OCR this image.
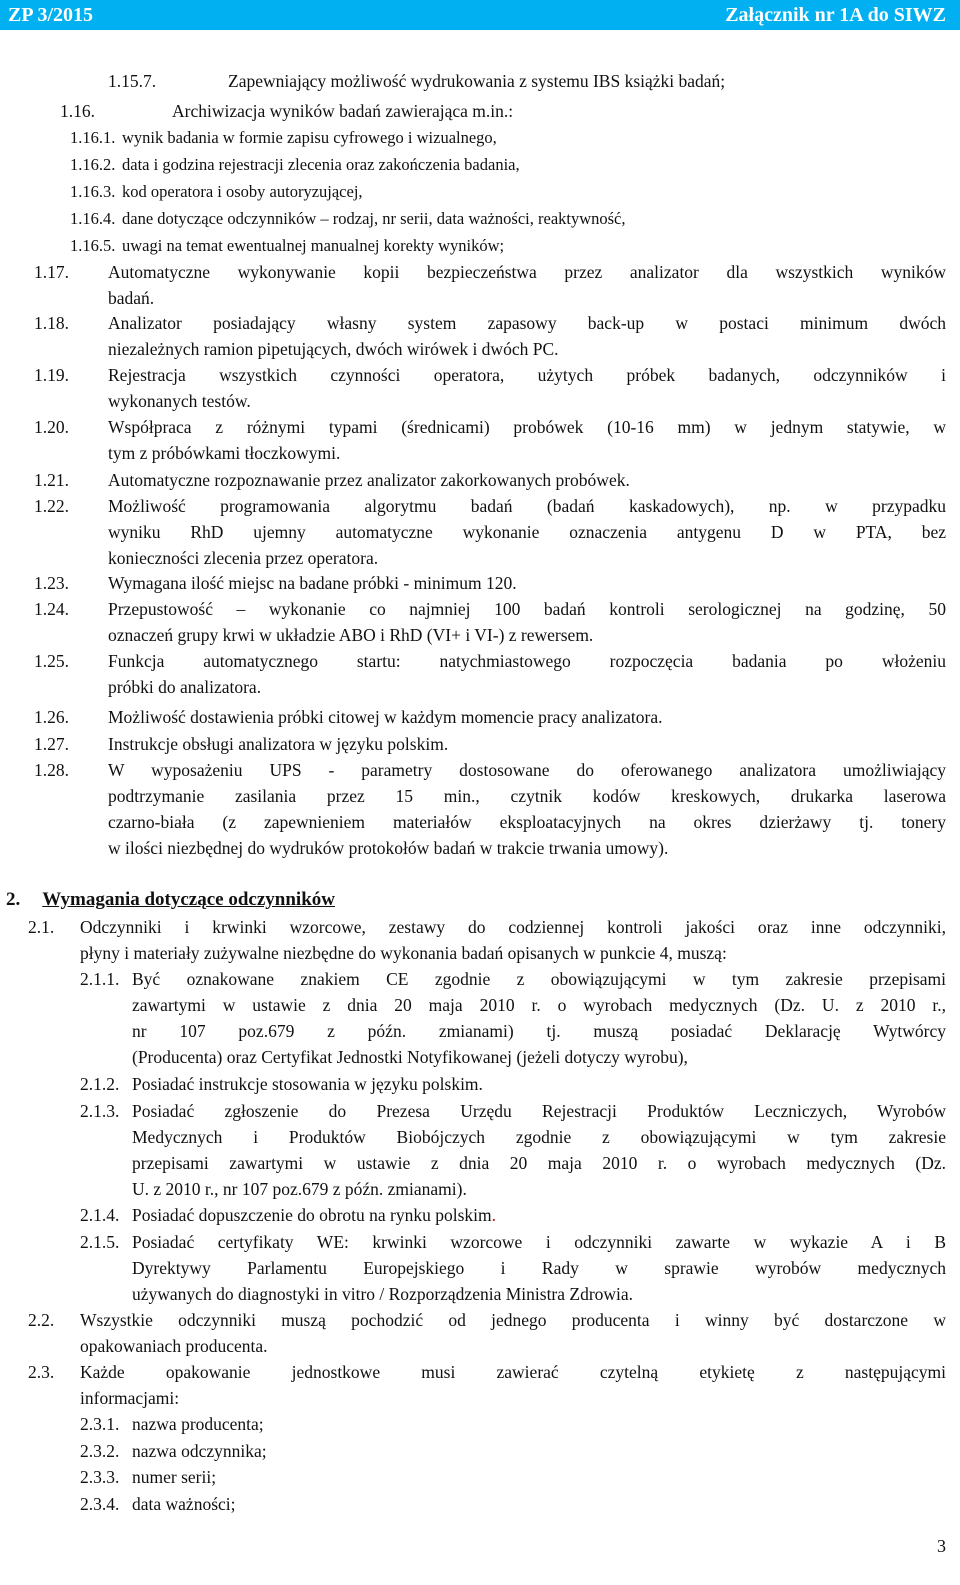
ZP 3/2015	Załącznik nr 1A do SIWZ
1.15.7.	Zapewniający możliwość wydrukowania z systemu IBS książki badań;
1.16.	Archiwizacja wyników badań zawierająca m.in.:
1.16.1. wynik badania w formie zapisu cyfrowego i wizualnego,
1.16.2. data i godzina rejestracji zlecenia oraz zakończenia badania,
1.16.3. kod operatora i osoby autoryzującej,
1.16.4. dane dotyczące odczynników – rodzaj, nr serii, data ważności, reaktywność,
1.16.5. uwagi na temat ewentualnej manualnej korekty wyników;
1.17. Automatyczne wykonywanie kopii bezpieczeństwa przez analizator dla wszystkich wyników
badań.
1.18. Analizator posiadający własny system zapasowy back-up w postaci minimum dwóch
niezależnych ramion pipetujących, dwóch wirówek i dwóch PC.
1.19. Rejestracja wszystkich czynności operatora, użytych próbek badanych, odczynników i
wykonanych testów.
1.20. Współpraca z różnymi typami (średnicami) probówek (10-16 mm) w jednym statywie, w
tym z próbówkami tłoczkowymi.
1.21. Automatyczne rozpoznawanie przez analizator zakorkowanych probówek.
1.22. Możliwość programowania algorytmu badań (badań kaskadowych), np. w przypadku
wyniku RhD ujemny automatyczne wykonanie oznaczenia antygenu D w PTA, bez
konieczności zlecenia przez operatora.
1.23. Wymagana ilość miejsc na badane próbki - minimum 120.
1.24. Przepustowość – wykonanie co najmniej 100 badań kontroli serologicznej na godzinę, 50
oznaczeń grupy krwi w układzie ABO i RhD (VI+ i VI-) z rewersem.
1.25. Funkcja automatycznego startu: natychmiastowego rozpoczęcia badania po włożeniu
próbki do analizatora.
1.26. Możliwość dostawienia próbki citowej w każdym momencie pracy analizatora.
1.27. Instrukcje obsługi analizatora w języku polskim.
1.28. W wyposażeniu UPS - parametry dostosowane do oferowanego analizatora umożliwiający
podtrzymanie zasilania przez 15 min., czytnik kodów kreskowych, drukarka laserowa
czarno-biała (z zapewnieniem materiałów eksploatacyjnych na okres dzierżawy tj. tonery
w ilości niezbędnej do wydruków protokołów badań w trakcie trwania umowy).
2. Wymagania dotyczące odczynników
2.1. Odczynniki i krwinki wzorcowe, zestawy do codziennej kontroli jakości oraz inne odczynniki,
płyny i materiały zużywalne niezbędne do wykonania badań opisanych w punkcie 4, muszą:
2.1.1. Być oznakowane znakiem CE zgodnie z obowiązującymi w tym zakresie przepisami
zawartymi w ustawie z dnia 20 maja 2010 r. o wyrobach medycznych (Dz. U. z 2010 r.,
nr 107 poz.679 z późn. zmianami) tj. muszą posiadać Deklarację Wytwórcy
(Producenta) oraz Certyfikat Jednostki Notyfikowanej (jeżeli dotyczy wyrobu),
2.1.2. Posiadać instrukcje stosowania w języku polskim.
2.1.3. Posiadać zgłoszenie do Prezesa Urzędu Rejestracji Produktów Leczniczych, Wyrobów
Medycznych i Produktów Biobójczych zgodnie z obowiązującymi w tym zakresie
przepisami zawartymi w ustawie z dnia 20 maja 2010 r. o wyrobach medycznych (Dz.
U. z 2010 r., nr 107 poz.679 z późn. zmianami).
2.1.4. Posiadać dopuszczenie do obrotu na rynku polskim.
2.1.5. Posiadać certyfikaty WE: krwinki wzorcowe i odczynniki zawarte w wykazie A i B
Dyrektywy Parlamentu Europejskiego i Rady w sprawie wyrobów medycznych
używanych do diagnostyki in vitro / Rozporządzenia Ministra Zdrowia.
2.2. Wszystkie odczynniki muszą pochodzić od jednego producenta i winny być dostarczone w
opakowaniach producenta.
2.3. Każde opakowanie jednostkowe musi zawierać czytelną etykietę z następującymi
informacjami:
2.3.1. nazwa producenta;
2.3.2. nazwa odczynnika;
2.3.3. numer serii;
2.3.4. data ważności;
3
